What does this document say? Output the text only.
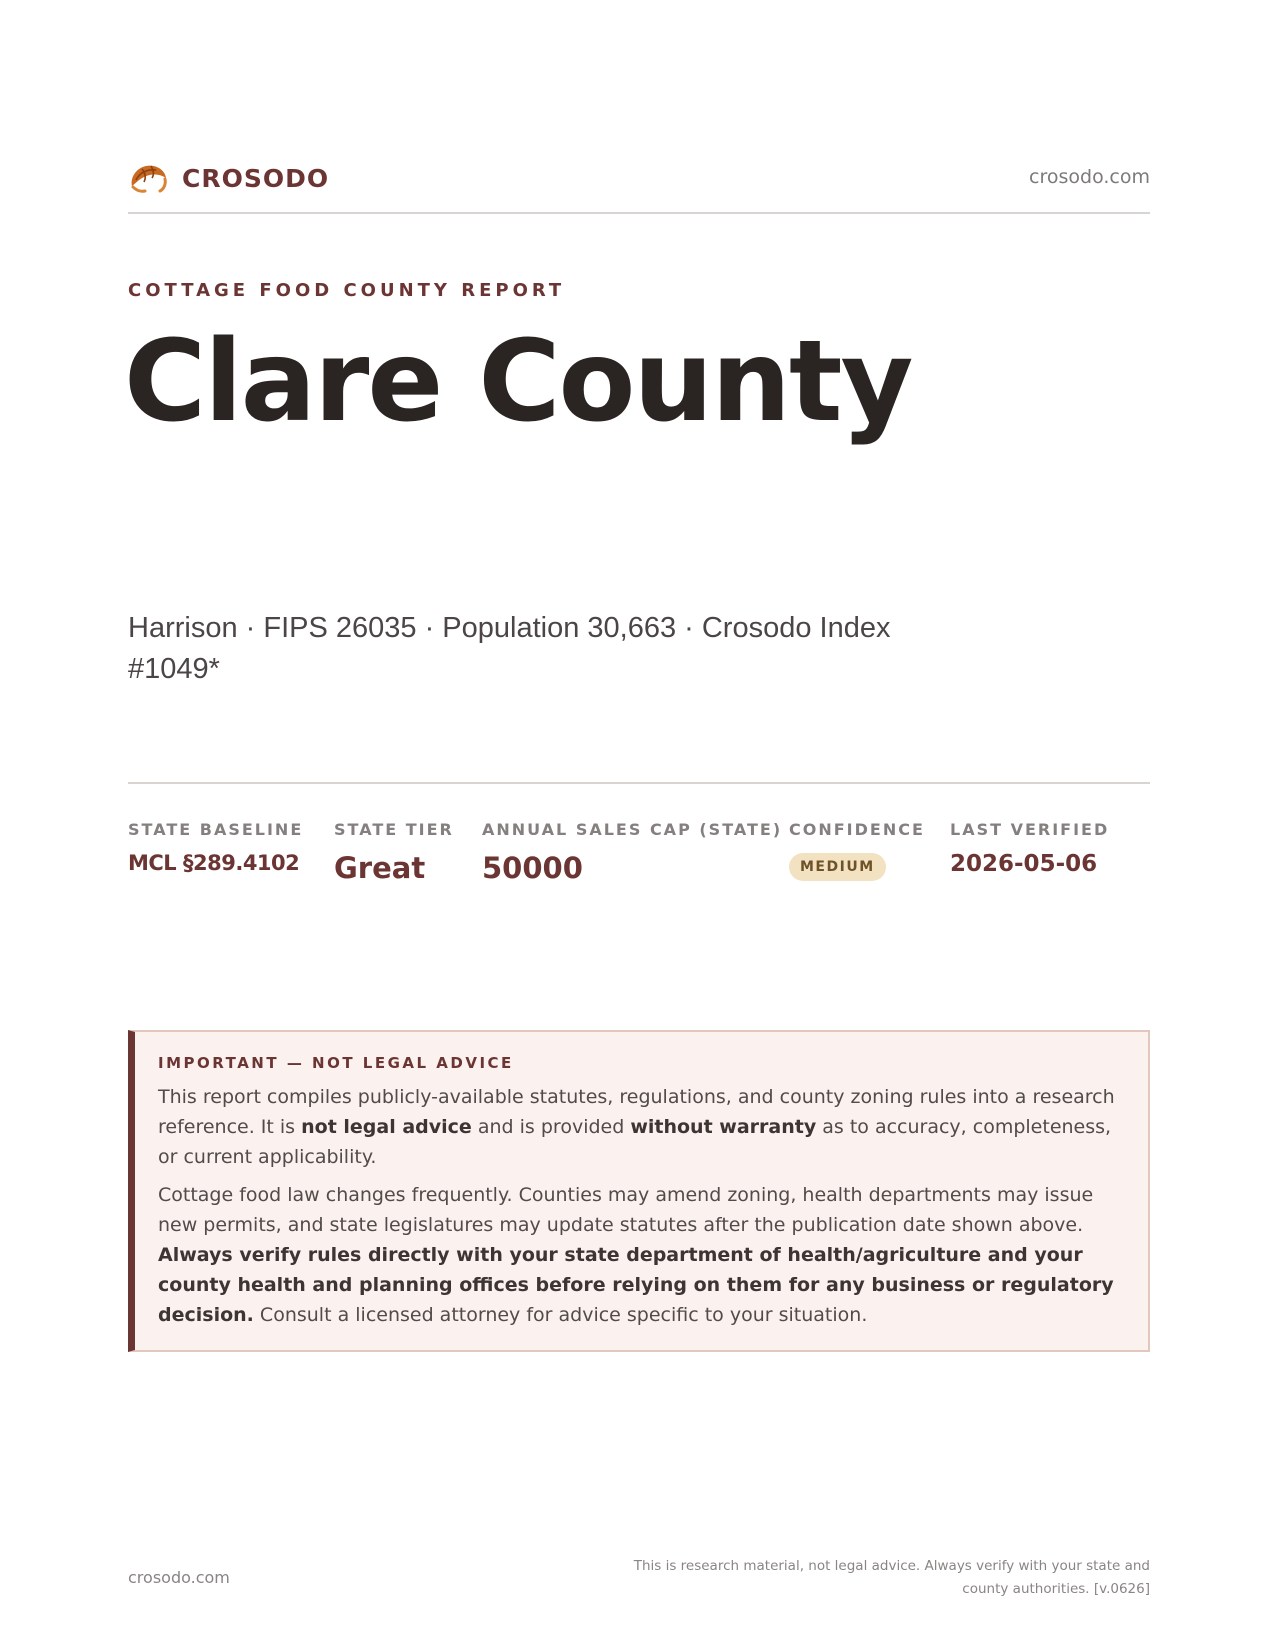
CROSODO	crosodo.com
COTTAGE FOOD COUNTY REPORT
Clare County
Harrison · FIPS 26035 · Population 30,663 · Crosodo Index #1049*
STATE BASELINE
MCL §289.4102
STATE TIER
Great
ANNUAL SALES CAP (STATE)
50000
CONFIDENCE
MEDIUM
LAST VERIFIED
2026-05-06
IMPORTANT — NOT LEGAL ADVICE

This report compiles publicly-available statutes, regulations, and county zoning rules into a research reference. It is not legal advice and is provided without warranty as to accuracy, completeness, or current applicability.

Cottage food law changes frequently. Counties may amend zoning, health departments may issue new permits, and state legislatures may update statutes after the publication date shown above. Always verify rules directly with your state department of health/agriculture and your county health and planning offices before relying on them for any business or regulatory decision. Consult a licensed attorney for advice specific to your situation.

crosodo.com
This is research material, not legal advice. Always verify with your state and county authorities. [v.0626]
